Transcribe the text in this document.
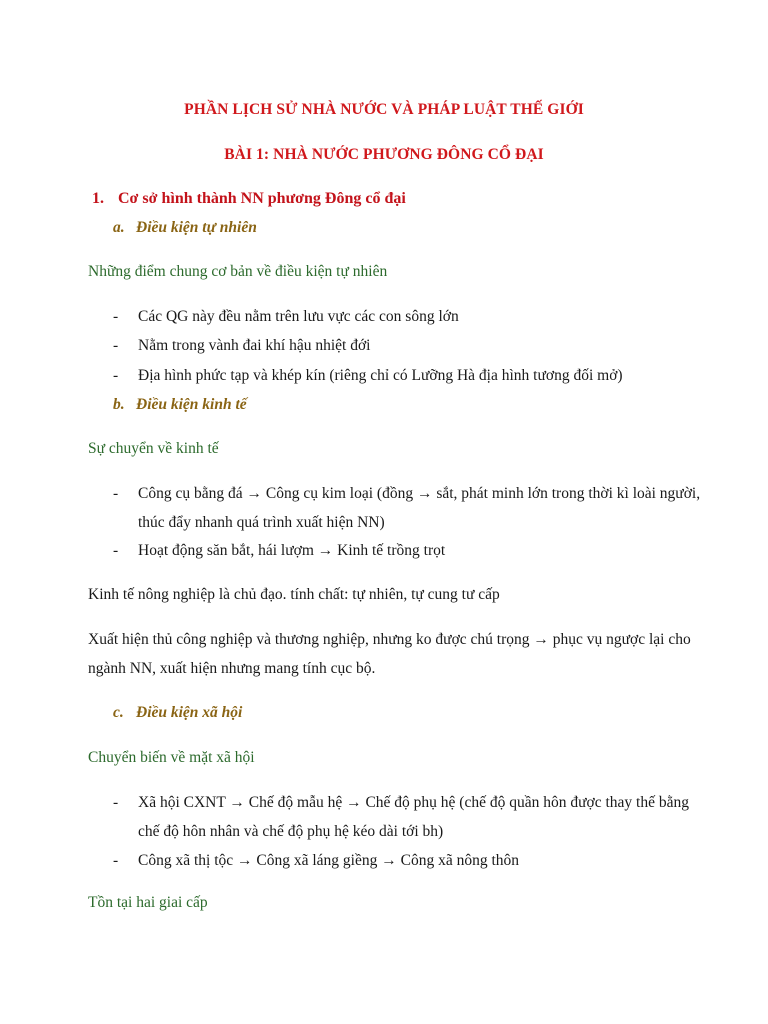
PHẦN LỊCH SỬ NHÀ NƯỚC VÀ PHÁP LUẬT THẾ GIỚI
BÀI 1: NHÀ NƯỚC PHƯƠNG ĐÔNG CỔ ĐẠI
1. Cơ sở hình thành NN phương Đông cổ đại
a. Điều kiện tự nhiên
Những điểm chung cơ bản về điều kiện tự nhiên
- Các QG này đều nằm trên lưu vực các con sông lớn
- Nằm trong vành đai khí hậu nhiệt đới
- Địa hình phức tạp và khép kín (riêng chỉ có Lưỡng Hà địa hình tương đối mở)
b. Điều kiện kinh tế
Sự chuyển về kinh tế
- Công cụ bằng đá → Công cụ kim loại (đồng → sắt, phát minh lớn trong thời kì loài người, thúc đẩy nhanh quá trình xuất hiện NN)
- Hoạt động săn bắt, hái lượm → Kinh tế trồng trọt
Kinh tế nông nghiệp là chủ đạo. tính chất: tự nhiên, tự cung tư cấp
Xuất hiện thủ công nghiệp và thương nghiệp, nhưng ko được chú trọng → phục vụ ngược lại cho ngành NN, xuất hiện nhưng mang tính cục bộ.
c. Điều kiện xã hội
Chuyển biến về mặt xã hội
- Xã hội CXNT → Chế độ mẫu hệ → Chế độ phụ hệ (chế độ quần hôn được thay thế bằng chế độ hôn nhân và chế độ phụ hệ kéo dài tới bh)
- Công xã thị tộc → Công xã láng giềng → Công xã nông thôn
Tồn tại hai giai cấp
